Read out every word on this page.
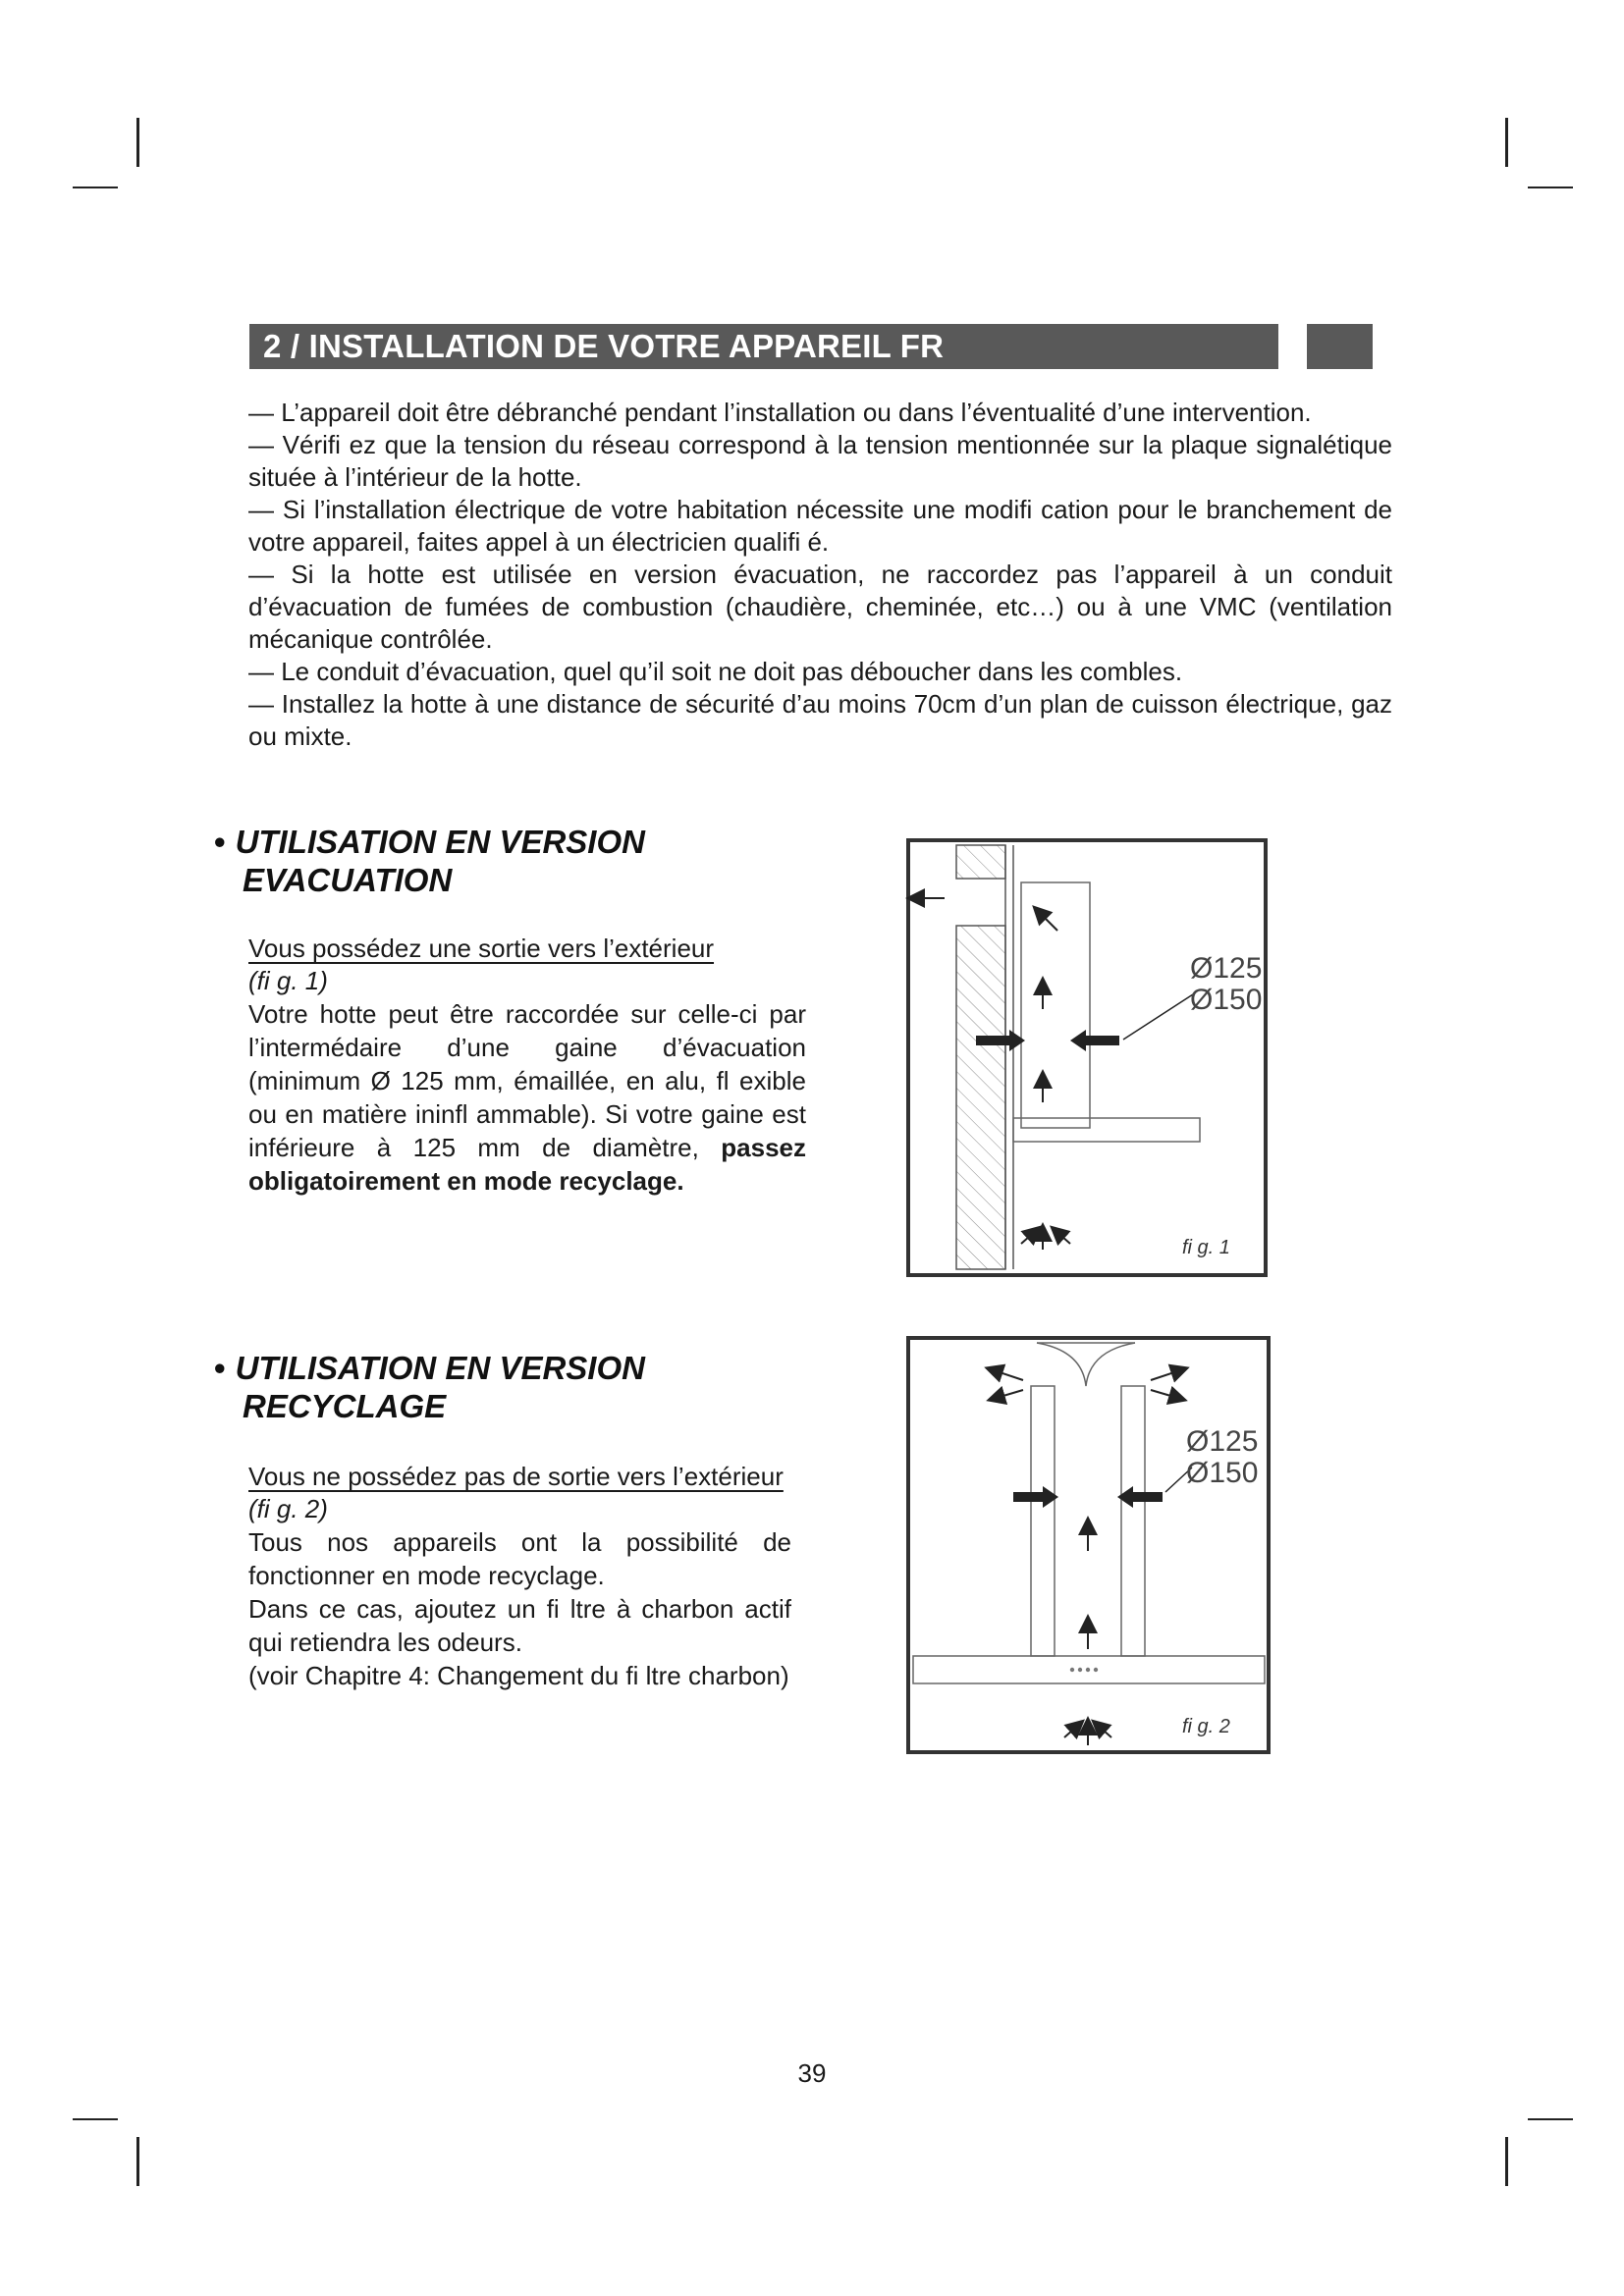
2 / INSTALLATION DE VOTRE APPAREIL FR

— L’appareil doit être débranché pendant l’installation ou dans l’éventualité d’une intervention.

— Vérifi ez que la tension du réseau correspond à la tension mentionnée sur la plaque signalétique située à l’intérieur de la hotte.

— Si l’installation électrique de votre habitation nécessite une modifi cation pour le branchement de votre appareil, faites appel à un électricien qualifi é.

— Si la hotte est utilisée en version évacuation, ne raccordez pas l’appareil à un conduit d’évacuation de fumées de combustion (chaudière, cheminée, etc…) ou à une VMC (ventilation mécanique contrôlée.

— Le conduit d’évacuation, quel qu’il soit ne doit pas déboucher dans les combles.

— Installez la hotte à une distance de sécurité d’au moins 70cm d’un plan de cuisson électrique, gaz ou mixte.

• UTILISATION EN VERSION
EVACUATION
Vous possédez une sortie vers l’extérieur
(fi g. 1)

Votre hotte peut être raccordée sur celle-ci par l’intermédaire d’une gaine d’évacuation (minimum Ø 125 mm, émaillée, en alu, fl exible ou en matière ininfl ammable). Si votre gaine est inférieure à 125 mm de diamètre, passez obligatoirement en mode recyclage.

Ø125
Ø150
fi g. 1
• UTILISATION EN VERSION
RECYCLAGE
Vous ne possédez pas de sortie vers l’extérieur
(fi g. 2)

Tous nos appareils ont la possibilité de fonctionner en mode recyclage.

Dans ce cas, ajoutez un fi ltre à charbon actif qui retiendra les odeurs.

(voir Chapitre 4: Changement du fi ltre charbon)

Ø125
Ø150
fi g. 2
39
